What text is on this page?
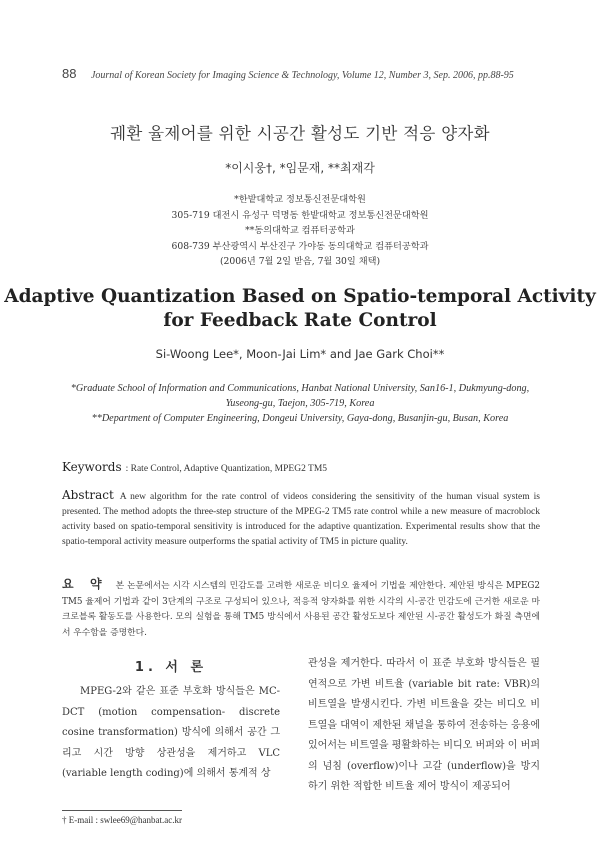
88 Journal of Korean Society for Imaging Science & Technology, Volume 12, Number 3, Sep. 2006, pp.88-95
궤환 율제어를 위한 시공간 활성도 기반 적응 양자화
*이시웅†, *임문재, **최재각
*한밭대학교 정보통신전문대학원
305-719 대전시 유성구 덕명동 한밭대학교 정보통신전문대학원
**동의대학교 컴퓨터공학과
608-739 부산광역시 부산진구 가야동 동의대학교 컴퓨터공학과
(2006년 7월 2일 받음, 7월 30일 채택)
Adaptive Quantization Based on Spatio-temporal Activity
for Feedback Rate Control
Si-Woong Lee*, Moon-Jai Lim* and Jae Gark Choi**
*Graduate School of Information and Communications, Hanbat National University, San16-1, Dukmyung-dong,
Yuseong-gu, Taejon, 305-719, Korea
**Department of Computer Engineering, Dongeui University, Gaya-dong, Busanjin-gu, Busan, Korea
Keywords : Rate Control, Adaptive Quantization, MPEG2 TM5
Abstract A new algorithm for the rate control of videos considering the sensitivity of the human visual system is presented. The method adopts the three-step structure of the MPEG-2 TM5 rate control while a new measure of macroblock activity based on spatio-temporal sensitivity is introduced for the adaptive quantization. Experimental results show that the spatio-temporal activity measure outperforms the spatial activity of TM5 in picture quality.
요 약 본 논문에서는 시각 시스템의 민감도를 고려한 새로운 비디오 율제어 기법을 제안한다. 제안된 방식은 MPEG2 TM5 율제어 기법과 같이 3단계의 구조로 구성되어 있으나, 적응적 양자화를 위한 시각의 시-공간 민감도에 근거한 새로운 마크로블록 활동도를 사용한다. 모의 실험을 통해 TM5 방식에서 사용된 공간 활성도보다 제안된 시-공간 활성도가 화질 측면에서 우수함을 증명한다.
1. 서 론
MPEG-2와 같은 표준 부호화 방식들은 MC-DCT (motion compensation- discrete cosine transformation) 방식에 의해서 공간 그리고 시간 방향 상관성을 제거하고 VLC (variable length coding)에 의해서 통계적 상
관성을 제거한다. 따라서 이 표준 부호화 방식들은 필연적으로 가변 비트율 (variable bit rate: VBR)의 비트열을 발생시킨다. 가변 비트율을 갖는 비디오 비트열을 대역이 제한된 채널을 통하여 전송하는 응용에 있어서는 비트열을 평활화하는 비디오 버퍼와 이 버퍼의 넘침 (overflow)이나 고갈 (underflow)을 방지하기 위한 적합한 비트율 제어 방식이 제공되어
† E-mail : swlee69@hanbat.ac.kr
